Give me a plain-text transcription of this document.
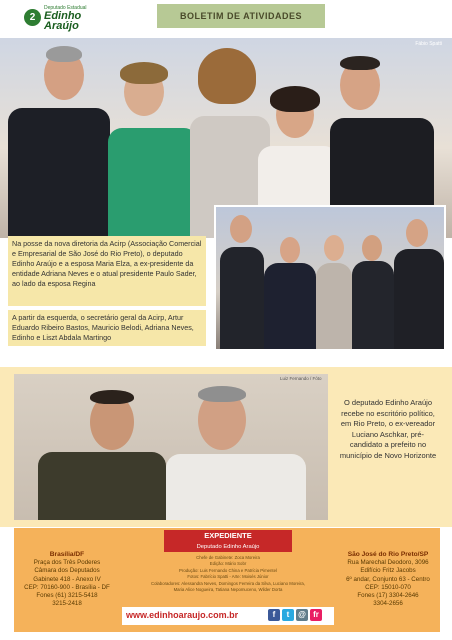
2
Deputado Estadual
Edinho
Araújo
BOLETIM DE ATIVIDADES
Fábio Spatti
Na posse da nova diretoria da Acirp (Associação Comercial e Empresarial de São José do Rio Preto), o deputado Edinho Araújo e a esposa Maria Elza, a ex-presidente da entidade Adriana Neves e o atual presidente Paulo Sader, ao lado da esposa Regina
A partir da esquerda, o secretário geral da Acirp, Artur Eduardo Ribeiro Bastos, Mauricio Belodi, Adriana Neves, Edinho e Liszt Abdala Martingo
Luiz Fernando / Fóto
O deputado Edinho Araújo recebe no escritório político, em Rio Preto, o ex-vereador Luciano Aschkar, pré-candidato a prefeito no município de Novo Horizonte
EXPEDIENTE
Deputado Edinho Araújo
Brasília/DF
Praça dos Três Poderes
Câmara dos Deputados
Gabinete 418 - Anexo IV
CEP: 70160-900 - Brasília - DF
Fones (61) 3215-5418
3215-2418
Chefe de Gabinete: Zoca Moreira
Edição: Mário Sobr
Produção: Luis Fernando China e Patrícia Pimentel
Fotos: Fabrício Spatti - Arte: Moisés Júnior
Colaboradores: Alessandra Neves, Domingos Ferreira da Silva, Luciano Moreira,
Maria Alice Nogueira, Tatiana Nepomuceno, Wilder Dorta
São José do Rio Preto/SP
Rua Marechal Deodoro, 3096
Edifício Fritz Jacobs
6º andar, Conjunto 63 - Centro
CEP: 15010-070
Fones (17) 3304-2646
3304-2656
www.edinhoaraujo.com.br	f	t	@ fr
